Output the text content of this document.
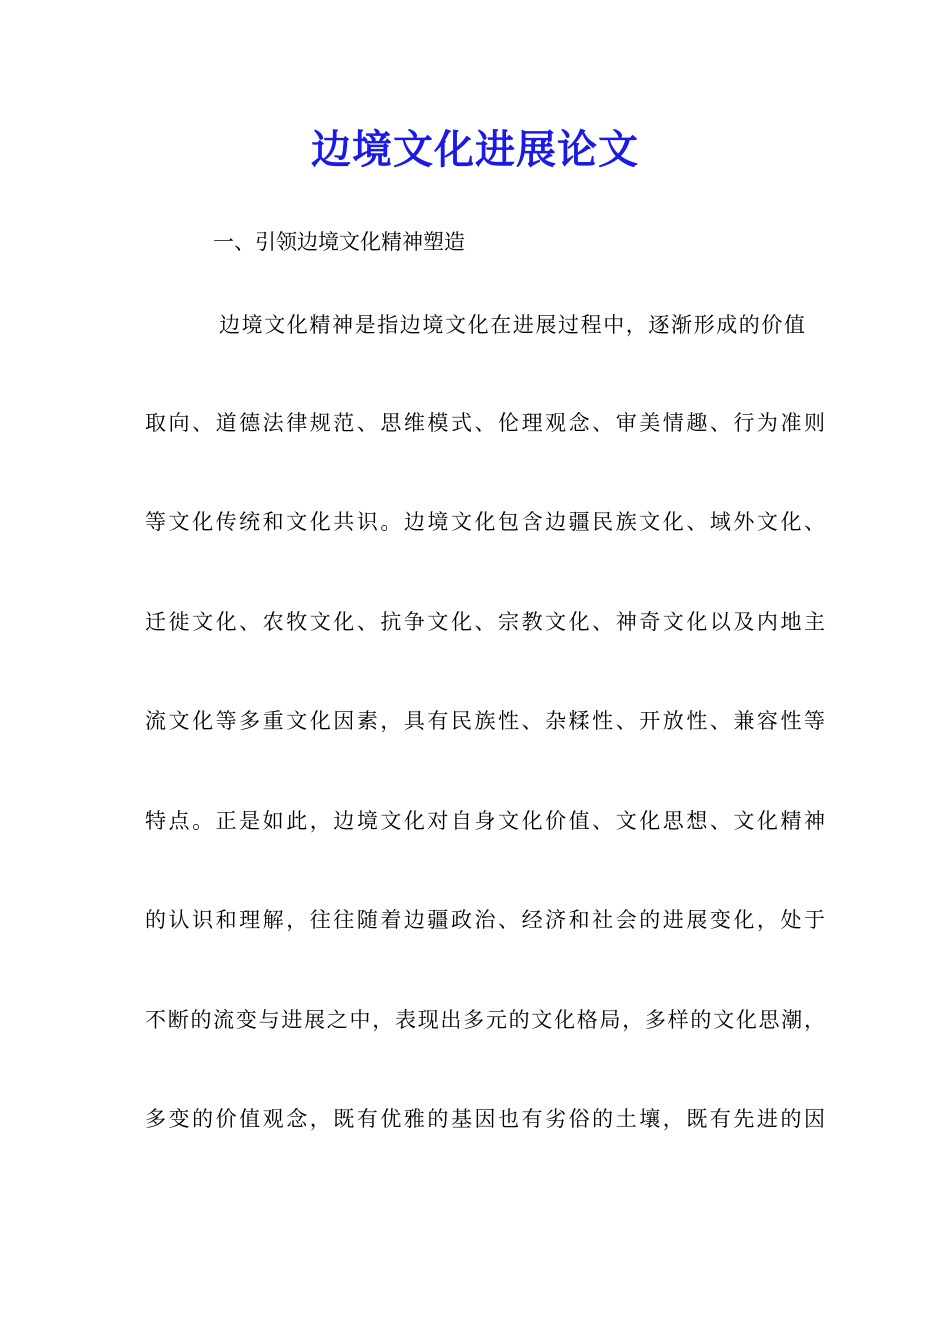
边境文化进展论文
一、引领边境文化精神塑造
边境文化精神是指边境文化在进展过程中，逐渐形成的价值
取向、道德法律规范、思维模式、伦理观念、审美情趣、行为准则
等文化传统和文化共识。边境文化包含边疆民族文化、域外文化、
迁徙文化、农牧文化、抗争文化、宗教文化、神奇文化以及内地主
流文化等多重文化因素，具有民族性、杂糅性、开放性、兼容性等
特点。正是如此，边境文化对自身文化价值、文化思想、文化精神
的认识和理解，往往随着边疆政治、经济和社会的进展变化，处于
不断的流变与进展之中，表现出多元的文化格局，多样的文化思潮，
多变的价值观念，既有优雅的基因也有劣俗的土壤，既有先进的因
